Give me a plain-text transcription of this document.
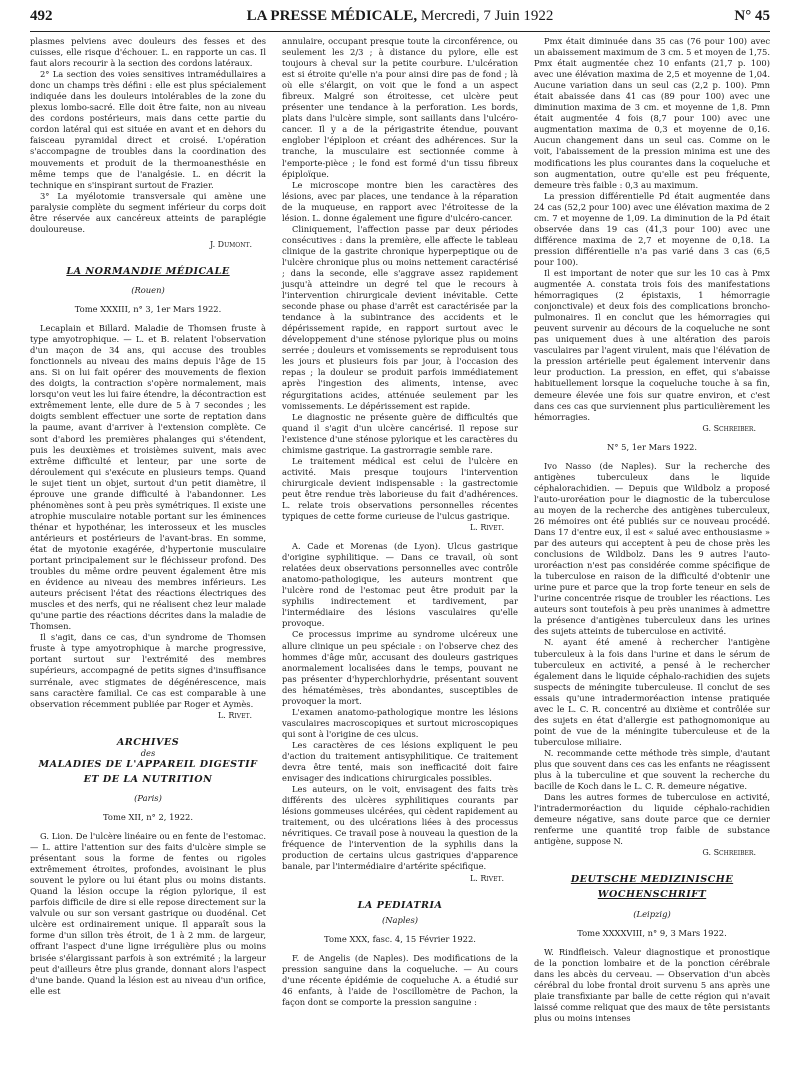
492	LA PRESSE MÉDICALE, Mercredi, 7 Juin 1922	N° 45

plasmes pelviens avec douleurs des fesses et des cuisses, elle risque d'échouer. L. en rapporte un cas. Il faut alors recourir à la section des cordons latéraux.

2° La section des voies sensitives intramédullaires a donc un champs très défini : elle est plus spécialement indiquée dans les douleurs intolérables de la zone du plexus lombo-sacré. Elle doit être faite, non au niveau des cordons postérieurs, mais dans cette partie du cordon latéral qui est située en avant et en dehors du faisceau pyramidal direct et croisé. L'opération s'accompagne de troubles dans la coordination des mouvements et produit de la thermoanesthésie en même temps que de l'analgésie. L. en décrit la technique en s'inspirant surtout de Frazier.

3° La myélotomie transversale qui amène une paralysie complète du segment inférieur du corps doit être réservée aux cancéreux atteints de paraplégie douloureuse.

J. Dumont.

LA NORMANDIE MÉDICALE

(Rouen)

Tome XXXIII, n° 3, 1er Mars 1922.

Lecaplain et Billard. Maladie de Thomsen fruste à type amyotrophique. — L. et B. relatent l'observation d'un maçon de 34 ans, qui accuse des troubles fonctionnels au niveau des mains depuis l'âge de 15 ans. Si on lui fait opérer des mouvements de flexion des doigts, la contraction s'opère normalement, mais lorsqu'on veut les lui faire étendre, la décontraction est extrêmement lente, elle dure de 5 à 7 secondes ; les doigts semblent effectuer une sorte de reptation dans la paume, avant d'arriver à l'extension complète. Ce sont d'abord les premières phalanges qui s'étendent, puis les deuxièmes et troisièmes suivent, mais avec extrême difficulté et lenteur, par une sorte de déroulement qui s'exécute en plusieurs temps. Quand le sujet tient un objet, surtout d'un petit diamètre, il éprouve une grande difficulté à l'abandonner. Les phénomènes sont à peu près symétriques. Il existe une atrophie musculaire notable portant sur les éminences thénar et hypothénar, les interosseux et les muscles antérieurs et postérieurs de l'avant-bras. En somme, état de myotonie exagérée, d'hypertonie musculaire portant principalement sur le fléchisseur profond. Des troubles du même ordre peuvent également être mis en évidence au niveau des membres inférieurs. Les auteurs précisent l'état des réactions électriques des muscles et des nerfs, qui ne réalisent chez leur malade qu'une partie des réactions décrites dans la maladie de Thomsen.

Il s'agit, dans ce cas, d'un syndrome de Thomsen fruste à type amyotrophique à marche progressive, portant surtout sur l'extrémité des membres supérieurs, accompagné de petits signes d'insuffisance surrénale, avec stigmates de dégénérescence, mais sans caractère familial. Ce cas est comparable à une observation récemment publiée par Roger et Aymès.

L. Rivet.

ARCHIVES

des

MALADIES DE L'APPAREIL DIGESTIF

ET DE LA NUTRITION

(Paris)

Tome XII, n° 2, 1922.

G. Lion. De l'ulcère linéaire ou en fente de l'estomac. — L. attire l'attention sur des faits d'ulcère simple se présentant sous la forme de fentes ou rigoles extrêmement étroites, profondes, avoisinant le plus souvent le pylore ou lui étant plus ou moins distants. Quand la lésion occupe la région pylorique, il est parfois difficile de dire si elle repose directement sur la valvule ou sur son versant gastrique ou duodénal. Cet ulcère est ordinairement unique. Il apparaît sous la forme d'un sillon très étroit, de 1 à 2 mm. de largeur, offrant l'aspect d'une ligne irrégulière plus ou moins brisée s'élargissant parfois à son extrémité ; la largeur peut d'ailleurs être plus grande, donnant alors l'aspect d'une bande. Quand la lésion est au niveau d'un orifice, elle est

annulaire, occupant presque toute la circonférence, ou seulement les 2/3 ; à distance du pylore, elle est toujours à cheval sur la petite courbure. L'ulcération est si étroite qu'elle n'a pour ainsi dire pas de fond ; là où elle s'élargit, on voit que le fond a un aspect fibreux. Malgré son étroitesse, cet ulcère peut présenter une tendance à la perforation. Les bords, plats dans l'ulcère simple, sont saillants dans l'ulcéro-cancer. Il y a de la périgastrite étendue, pouvant englober l'épiploon et créant des adhérences. Sur la tranche, la musculaire est sectionnée comme à l'emporte-pièce ; le fond est formé d'un tissu fibreux épiploïque.

Le microscope montre bien les caractères des lésions, avec par places, une tendance à la réparation de la muqueuse, en rapport avec l'étroitesse de la lésion. L. donne également une figure d'ulcéro-cancer.

Cliniquement, l'affection passe par deux périodes consécutives : dans la première, elle affecte le tableau clinique de la gastrite chronique hyperpeptique ou de l'ulcère chronique plus ou moins nettement caractérisé ; dans la seconde, elle s'aggrave assez rapidement jusqu'à atteindre un degré tel que le recours à l'intervention chirurgicale devient inévitable. Cette seconde phase ou phase d'arrêt est caractérisée par la tendance à la subintrance des accidents et le dépérissement rapide, en rapport surtout avec le développement d'une sténose pylorique plus ou moins serrée ; douleurs et vomissements se reproduisent tous les jours et plusieurs fois par jour, à l'occasion des repas ; la douleur se produit parfois immédiatement après l'ingestion des aliments, intense, avec régurgitations acides, atténuée seulement par les vomissements. Le dépérissement est rapide.

Le diagnostic ne présente guère de difficultés que quand il s'agit d'un ulcère cancérisé. Il repose sur l'existence d'une sténose pylorique et les caractères du chimisme gastrique. La gastrorragie semble rare.

Le traitement médical est celui de l'ulcère en activité. Mais presque toujours l'intervention chirurgicale devient indispensable : la gastrectomie peut être rendue très laborieuse du fait d'adhérences. L. relate trois observations personnelles récentes typiques de cette forme curieuse de l'ulcus gastrique.

L. Rivet.

A. Cade et Morenas (de Lyon). Ulcus gastrique d'origine syphilitique. — Dans ce travail, où sont relatées deux observations personnelles avec contrôle anatomo-pathologique, les auteurs montrent que l'ulcère rond de l'estomac peut être produit par la syphilis indirectement et tardivement, par l'intermédiaire des lésions vasculaires qu'elle provoque.

Ce processus imprime au syndrome ulcéreux une allure clinique un peu spéciale : on l'observe chez des hommes d'âge mûr, accusant des douleurs gastriques anormalement localisées dans le temps, pouvant ne pas présenter d'hyperchlorhydrie, présentant souvent des hématémèses, très abondantes, susceptibles de provoquer la mort.

L'examen anatomo-pathologique montre les lésions vasculaires macroscopiques et surtout microscopiques qui sont à l'origine de ces ulcus.

Les caractères de ces lésions expliquent le peu d'action du traitement antisyphilitique. Ce traitement devra être tenté, mais son inefficacité doit faire envisager des indications chirurgicales possibles.

Les auteurs, on le voit, envisagent des faits très différents des ulcères syphilitiques courants par lésions gommeuses ulcérées, qui cèdent rapidement au traitement, ou des ulcérations liées à des processus névritiques. Ce travail pose à nouveau la question de la fréquence de l'intervention de la syphilis dans la production de certains ulcus gastriques d'apparence banale, par l'intermédiaire d'artérite spécifique.

L. Rivet.

LA PEDIATRIA

(Naples)

Tome XXX, fasc. 4, 15 Février 1922.

F. de Angelis (de Naples). Des modifications de la pression sanguine dans la coqueluche. — Au cours d'une récente épidémie de coqueluche A. a étudié sur 46 enfants, à l'aide de l'oscillomètre de Pachon, la façon dont se comporte la pression sanguine :

Pmx était diminuée dans 35 cas (76 pour 100) avec un abaissement maximum de 3 cm. 5 et moyen de 1,75. Pmx était augmentée chez 10 enfants (21,7 p. 100) avec une élévation maxima de 2,5 et moyenne de 1,04. Aucune variation dans un seul cas (2,2 p. 100). Pmn était abaissée dans 41 cas (89 pour 100) avec une diminution maxima de 3 cm. et moyenne de 1,8. Pmn était augmentée 4 fois (8,7 pour 100) avec une augmentation maxima de 0,3 et moyenne de 0,16. Aucun changement dans un seul cas. Comme on le voit, l'abaissement de la pression minima est une des modifications les plus courantes dans la coqueluche et son augmentation, outre qu'elle est peu fréquente, demeure très faible : 0,3 au maximum.

La pression différentielle Pd était augmentée dans 24 cas (52,2 pour 100) avec une élévation maxima de 2 cm. 7 et moyenne de 1,09. La diminution de la Pd était observée dans 19 cas (41,3 pour 100) avec une différence maxima de 2,7 et moyenne de 0,18. La pression différentielle n'a pas varié dans 3 cas (6,5 pour 100).

Il est important de noter que sur les 10 cas à Pmx augmentée A. constata trois fois des manifestations hémorragiques (2 épistaxis, 1 hémorragie conjonctivale) et deux fois des complications broncho-pulmonaires. Il en conclut que les hémorragies qui peuvent survenir au décours de la coqueluche ne sont pas uniquement dues à une altération des parois vasculaires par l'agent virulent, mais que l'élévation de la pression artérielle peut également intervenir dans leur production. La pression, en effet, qui s'abaisse habituellement lorsque la coqueluche touche à sa fin, demeure élevée une fois sur quatre environ, et c'est dans ces cas que surviennent plus particulièrement les hémorragies.

G. Schreiber.

N° 5, 1er Mars 1922.

Ivo Nasso (de Naples). Sur la recherche des antigènes tuberculeux dans le liquide céphalorachidien. — Depuis que Wildbolz a proposé l'auto-uroréation pour le diagnostic de la tuberculose au moyen de la recherche des antigènes tuberculeux, 26 mémoires ont été publiés sur ce nouveau procédé. Dans 17 d'entre eux, il est « salué avec enthousiasme » par des auteurs qui acceptent à peu de chose près les conclusions de Wildbolz. Dans les 9 autres l'auto-uroréaction n'est pas considérée comme spécifique de la tuberculose en raison de la difficulté d'obtenir une urine pure et parce que la trop forte teneur en sels de l'urine concentrée risque de troubler les réactions. Les auteurs sont toutefois à peu près unanimes à admettre la présence d'antigènes tuberculeux dans les urines des sujets atteints de tuberculose en activité.

N. ayant été amené à rechercher l'antigène tuberculeux à la fois dans l'urine et dans le sérum de tuberculeux en activité, a pensé à le rechercher également dans le liquide céphalo-rachidien des sujets suspects de méningite tuberculeuse. Il conclut de ses essais qu'une intradermoréaction intense pratiquée avec le L. C. R. concentré au dixième et contrôlée sur des sujets en état d'allergie est pathognomonique au point de vue de la méningite tuberculeuse et de la tuberculose miliaire.

N. recommande cette méthode très simple, d'autant plus que souvent dans ces cas les enfants ne réagissent plus à la tuberculine et que souvent la recherche du bacille de Koch dans le L. C. R. demeure négative.

Dans les autres formes de tuberculose en activité, l'intradermoréaction du liquide céphalo-rachidien demeure négative, sans doute parce que ce dernier renferme une quantité trop faible de substance antigène, suppose N.

G. Schreiber.

DEUTSCHE MEDIZINISCHE

WOCHENSCHRIFT

(Leipzig)

Tome XXXXVIII, n° 9, 3 Mars 1922.

W. Rindfleisch. Valeur diagnostique et pronostique de la ponction lombaire et de la ponction cérébrale dans les abcès du cerveau. — Observation d'un abcès cérébral du lobe frontal droit survenu 5 ans après une plaie transfixiante par balle de cette région qui n'avait laissé comme reliquat que des maux de tête persistants plus ou moins intenses
